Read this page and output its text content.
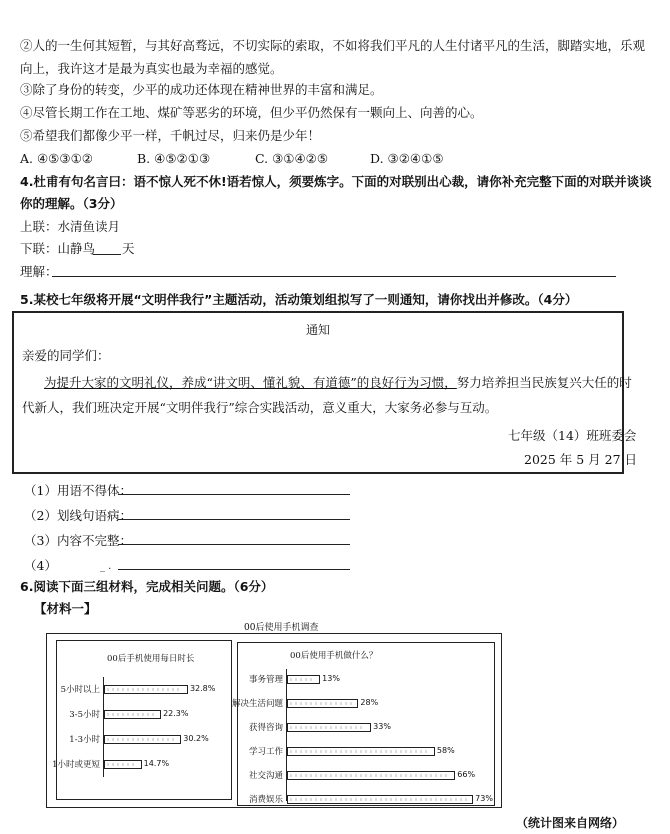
②人的一生何其短暂，与其好高骛远，不切实际的索取，不如将我们平凡的人生付诸平凡的生活，脚踏实地，乐观
向上，我许这才是最为真实也最为幸福的感觉。
③除了身份的转变，少平的成功还体现在精神世界的丰富和满足。
④尽管长期工作在工地、煤矿等恶劣的环境，但少平仍然保有一颗向上、向善的心。
⑤希望我们都像少平一样，千帆过尽，归来仍是少年！
A. ④⑤③①②	B. ④⑤②①③	C. ③①④②⑤	D. ③②④①⑤
4.杜甫有句名言曰：语不惊人死不休!语若惊人，须要炼字。下面的对联别出心裁，请你补充完整下面的对联并谈谈
你的理解。（3分）
上联：水清鱼读月
下联：山静鸟 天
理解：
5.某校七年级将开展“文明伴我行”主题活动，活动策划组拟写了一则通知，请你找出并修改。（4分）
通知
亲爱的同学们：
为提升大家的文明礼仪，养成“讲文明、懂礼貌、有道德”的良好行为习惯，努力培养担当民族复兴大任的时
代新人，我们班决定开展“文明伴我行”综合实践活动，意义重大，大家务必参与互动。
七年级（14）班班委会
2025 年 5 月 27 日
（1）用语不得体：
（2）划线句语病：
（3）内容不完整：
（4）	_ .
6.阅读下面三组材料，完成相关问题。（6分）
【材料一】
00后使用手机调查
00后手机使用每日时长
5小时以上	32.8%
3-5小时	22.3%
1-3小时	30.2%
1小时或更短	14.7%
00后使用手机做什么？
事务管理	13%
解决生活问题	28%
获得咨询	33%
学习工作	58%
社交沟通	66%
消费娱乐	73%
（统计图来自网络）
